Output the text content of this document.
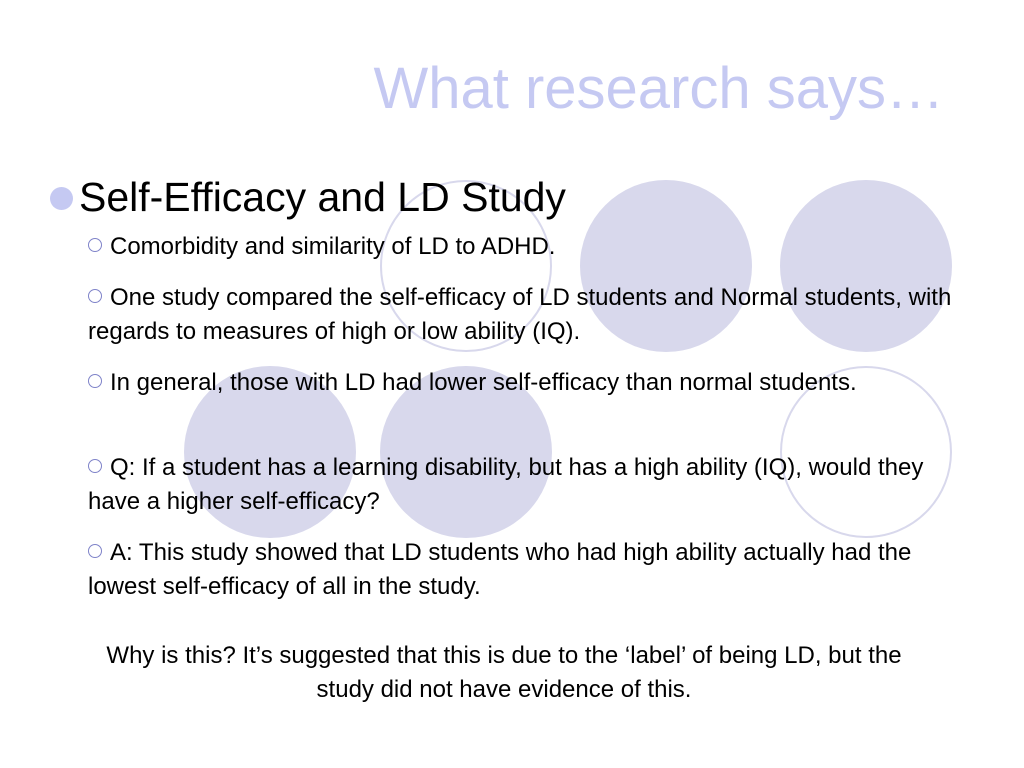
What research says…
Self-Efficacy and LD Study
Comorbidity and similarity of LD to ADHD.
One study compared the self-efficacy of LD students and Normal students, with regards to measures of high or low ability (IQ).
In general, those with LD had lower self-efficacy than normal students.
Q: If a student has a learning disability, but has a high ability (IQ), would they have a higher self-efficacy?
A: This study showed that LD students who had high ability actually had the lowest self-efficacy of all in the study.
Why is this? It’s suggested that this is due to the ‘label’ of being LD, but the study did not have evidence of this.
